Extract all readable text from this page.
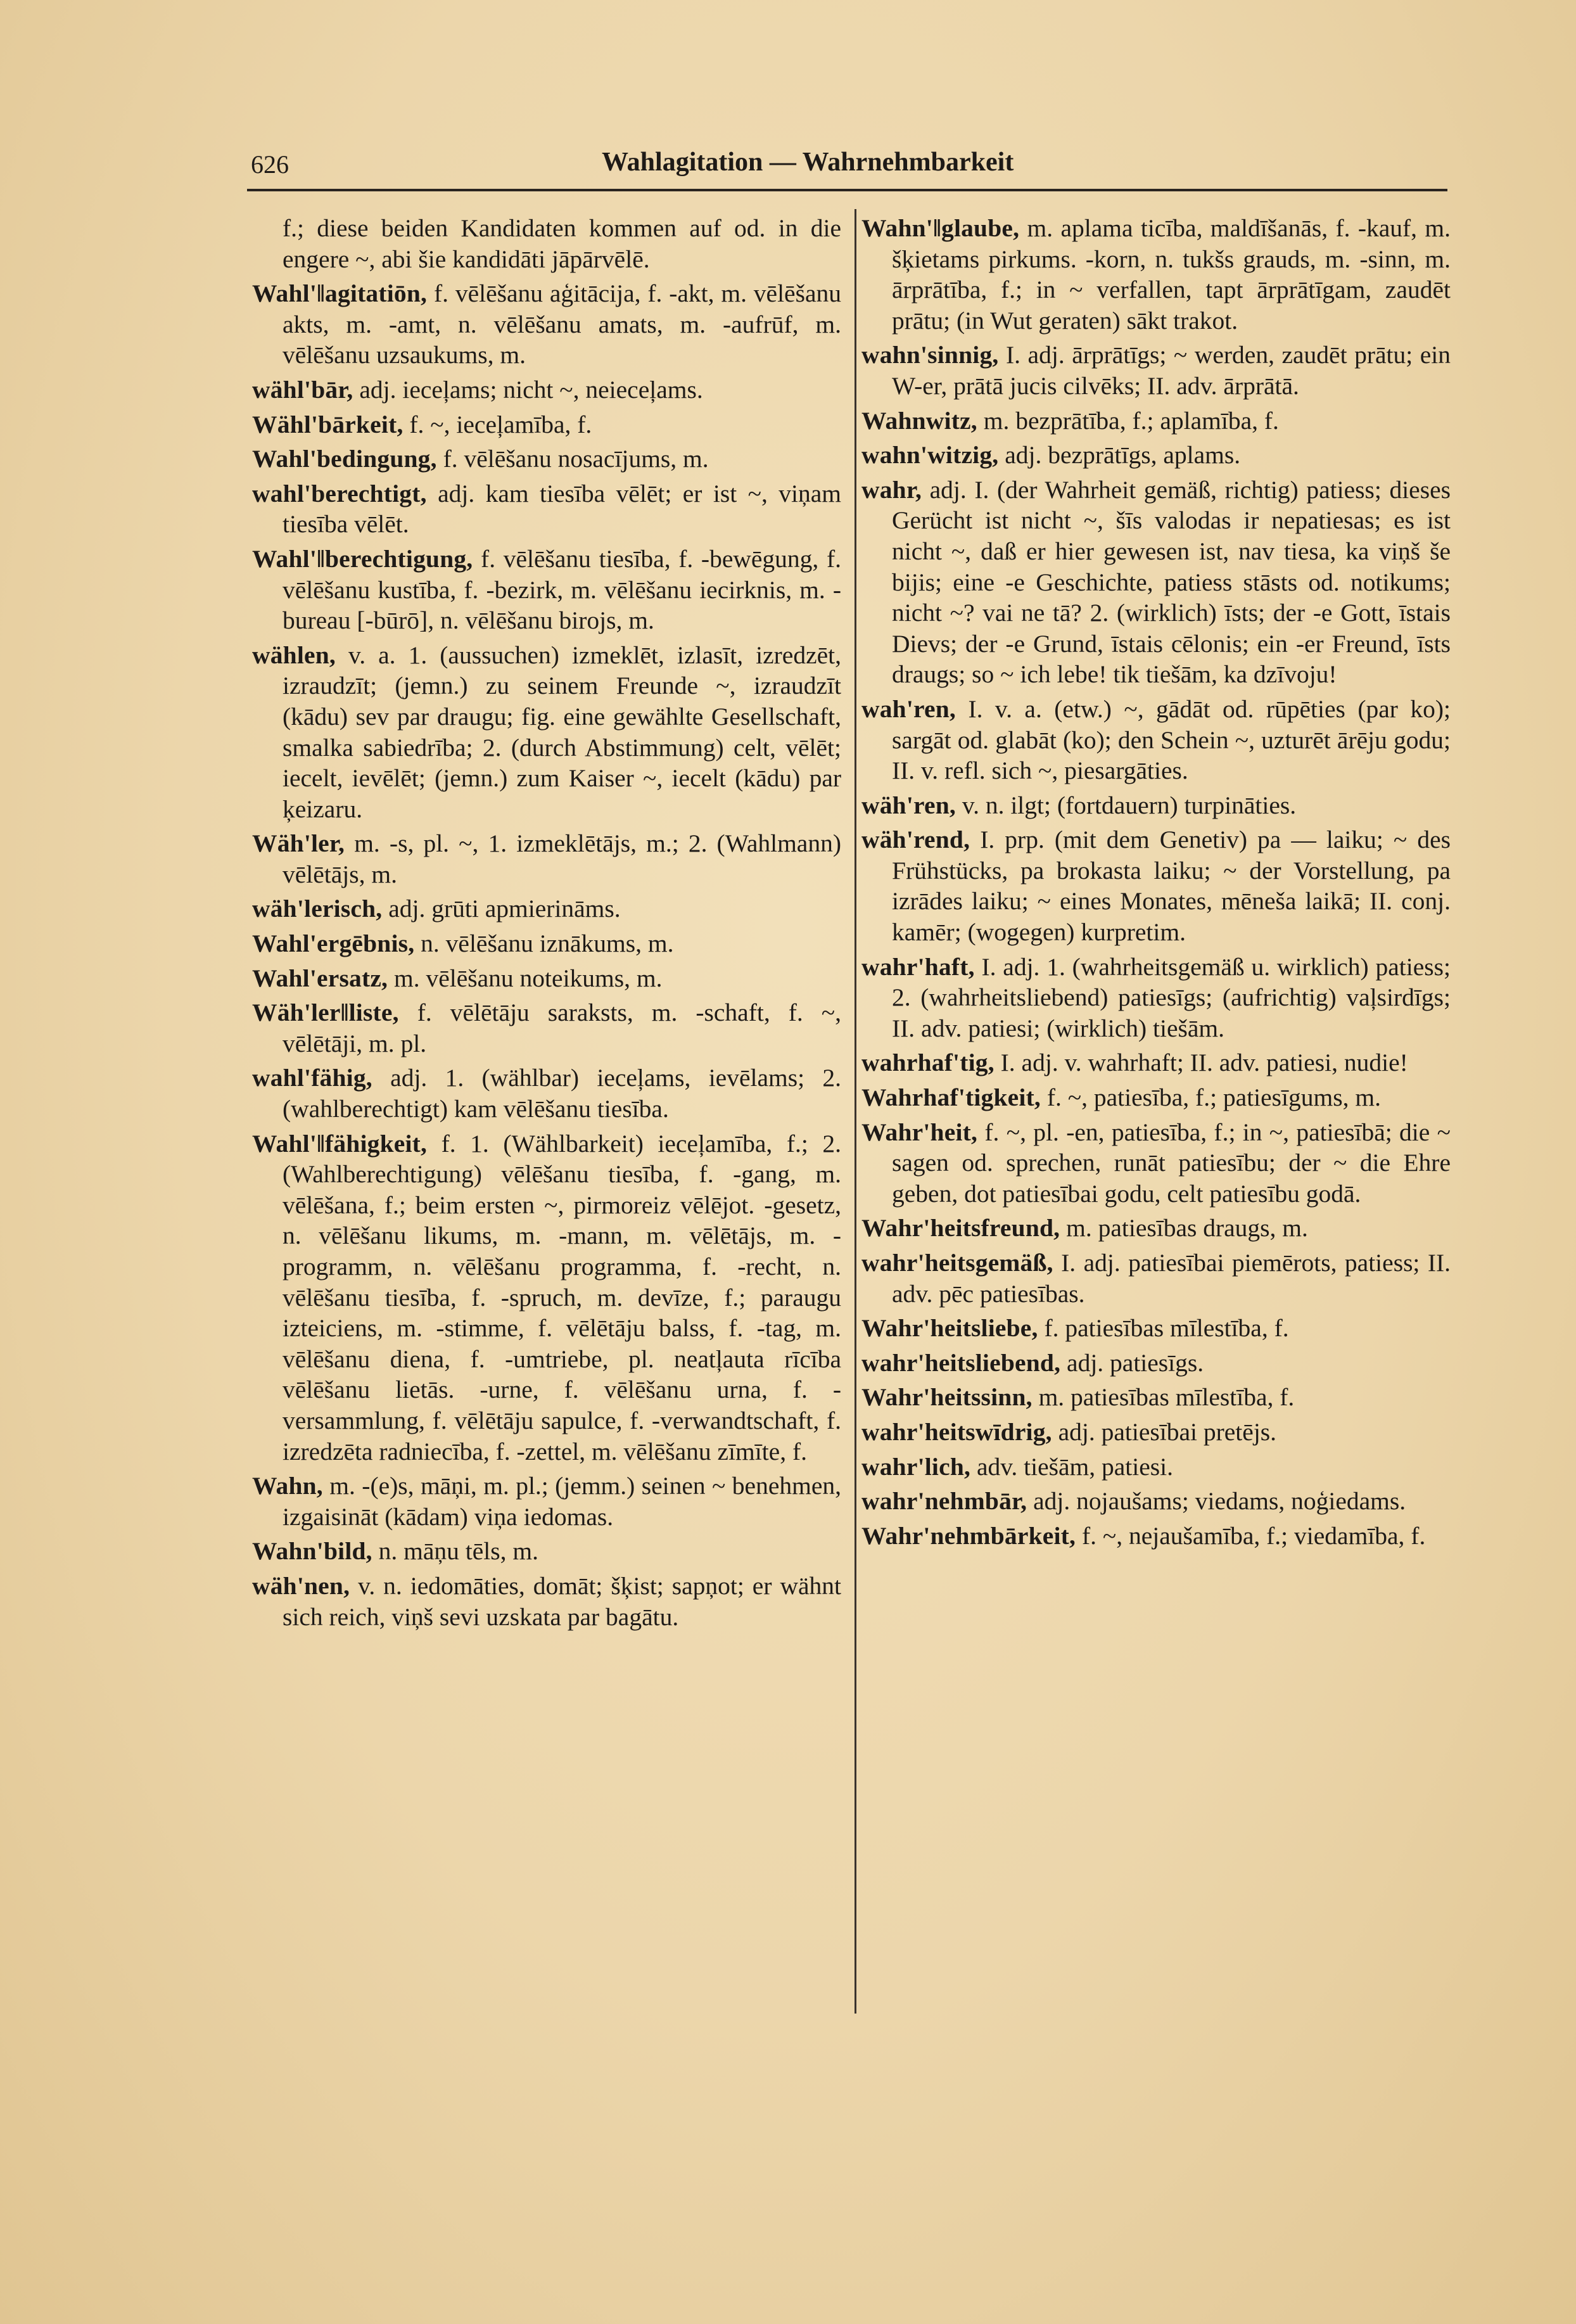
626	Wahlagitation — Wahrnehmbarkeit

f.; diese beiden Kandidaten kommen auf od. in die engere ~, abi šie kandidāti jāpārvēlē.

Wahl'‖agitatiōn, f. vēlēšanu aģitācija, f. -akt, m. vēlēšanu akts, m. -amt, n. vēlēšanu amats, m. -aufrūf, m. vēlēšanu uzsaukums, m.

wähl'bār, adj. ieceļams; nicht ~, neieceļams.

Wähl'bārkeit, f. ~, ieceļamība, f.

Wahl'bedingung, f. vēlēšanu nosacījums, m.

wahl'berechtigt, adj. kam tiesība vēlēt; er ist ~, viņam tiesība vēlēt.

Wahl'‖berechtigung, f. vēlēšanu tiesība, f. -bewēgung, f. vēlēšanu kustība, f. -bezirk, m. vēlēšanu iecirknis, m. -bureau [-būrō], n. vēlēšanu birojs, m.

wählen, v. a. 1. (aussuchen) izmeklēt, izlasīt, izredzēt, izraudzīt; (jemn.) zu seinem Freunde ~, izraudzīt (kādu) sev par draugu; fig. eine gewählte Gesellschaft, smalka sabiedrība; 2. (durch Abstimmung) celt, vēlēt; iecelt, ievēlēt; (jemn.) zum Kaiser ~, iecelt (kādu) par ķeizaru.

Wäh'ler, m. -s, pl. ~, 1. izmeklētājs, m.; 2. (Wahlmann) vēlētājs, m.

wäh'lerisch, adj. grūti apmierināms.

Wahl'ergēbnis, n. vēlēšanu iznākums, m.

Wahl'ersatz, m. vēlēšanu noteikums, m.

Wäh'ler‖liste, f. vēlētāju saraksts, m. -schaft, f. ~, vēlētāji, m. pl.

wahl'fähig, adj. 1. (wählbar) ieceļams, ievēlams; 2. (wahlberechtigt) kam vēlēšanu tiesība.

Wahl'‖fähigkeit, f. 1. (Wählbarkeit) ieceļamība, f.; 2. (Wahlberechtigung) vēlēšanu tiesība, f. -gang, m. vēlēšana, f.; beim ersten ~, pirmoreiz vēlējot. -gesetz, n. vēlēšanu likums, m. -mann, m. vēlētājs, m. -programm, n. vēlēšanu programma, f. -recht, n. vēlēšanu tiesība, f. -spruch, m. devīze, f.; paraugu izteiciens, m. -stimme, f. vēlētāju balss, f. -tag, m. vēlēšanu diena, f. -umtriebe, pl. neatļauta rīcība vēlēšanu lietās. -urne, f. vēlēšanu urna, f. -versammlung, f. vēlētāju sapulce, f. -verwandtschaft, f. izredzēta radniecība, f. -zettel, m. vēlēšanu zīmīte, f.

Wahn, m. -(e)s, māņi, m. pl.; (jemm.) seinen ~ benehmen, izgaisināt (kādam) viņa iedomas.

Wahn'bild, n. māņu tēls, m.

wäh'nen, v. n. iedomāties, domāt; šķist; sapņot; er wähnt sich reich, viņš sevi uzskata par bagātu.

Wahn'‖glaube, m. aplama ticība, maldīšanās, f. -kauf, m. šķietams pirkums. -korn, n. tukšs grauds, m. -sinn, m. ārprātība, f.; in ~ verfallen, tapt ārprātīgam, zaudēt prātu; (in Wut geraten) sākt trakot.

wahn'sinnig, I. adj. ārprātīgs; ~ werden, zaudēt prātu; ein W-er, prātā jucis cilvēks; II. adv. ārprātā.

Wahnwitz, m. bezprātība, f.; aplamība, f.

wahn'witzig, adj. bezprātīgs, aplams.

wahr, adj. I. (der Wahrheit gemäß, richtig) patiess; dieses Gerücht ist nicht ~, šīs valodas ir nepatiesas; es ist nicht ~, daß er hier gewesen ist, nav tiesa, ka viņš še bijis; eine -e Geschichte, patiess stāsts od. notikums; nicht ~? vai ne tā? 2. (wirklich) īsts; der -e Gott, īstais Dievs; der -e Grund, īstais cēlonis; ein -er Freund, īsts draugs; so ~ ich lebe! tik tiešām, ka dzīvoju!

wah'ren, I. v. a. (etw.) ~, gādāt od. rūpēties (par ko); sargāt od. glabāt (ko); den Schein ~, uzturēt ārēju godu; II. v. refl. sich ~, piesargāties.

wäh'ren, v. n. ilgt; (fortdauern) turpināties.

wäh'rend, I. prp. (mit dem Genetiv) pa — laiku; ~ des Frühstücks, pa brokasta laiku; ~ der Vorstellung, pa izrādes laiku; ~ eines Monates, mēneša laikā; II. conj. kamēr; (wogegen) kurpretim.

wahr'haft, I. adj. 1. (wahrheitsgemäß u. wirklich) patiess; 2. (wahrheitsliebend) patiesīgs; (aufrichtig) vaļsirdīgs; II. adv. patiesi; (wirklich) tiešām.

wahrhaf'tig, I. adj. v. wahrhaft; II. adv. patiesi, nudie!

Wahrhaf'tigkeit, f. ~, patiesība, f.; patiesīgums, m.

Wahr'heit, f. ~, pl. -en, patiesība, f.; in ~, patiesībā; die ~ sagen od. sprechen, runāt patiesību; der ~ die Ehre geben, dot patiesībai godu, celt patiesību godā.

Wahr'heitsfreund, m. patiesības draugs, m.

wahr'heitsgemäß, I. adj. patiesībai piemērots, patiess; II. adv. pēc patiesības.

Wahr'heitsliebe, f. patiesības mīlestība, f.

wahr'heitsliebend, adj. patiesīgs.

Wahr'heitssinn, m. patiesības mīlestība, f.

wahr'heitswīdrig, adj. patiesībai pretējs.

wahr'lich, adv. tiešām, patiesi.

wahr'nehmbār, adj. nojaušams; viedams, noģiedams.

Wahr'nehmbārkeit, f. ~, nejaušamība, f.; viedamība, f.
